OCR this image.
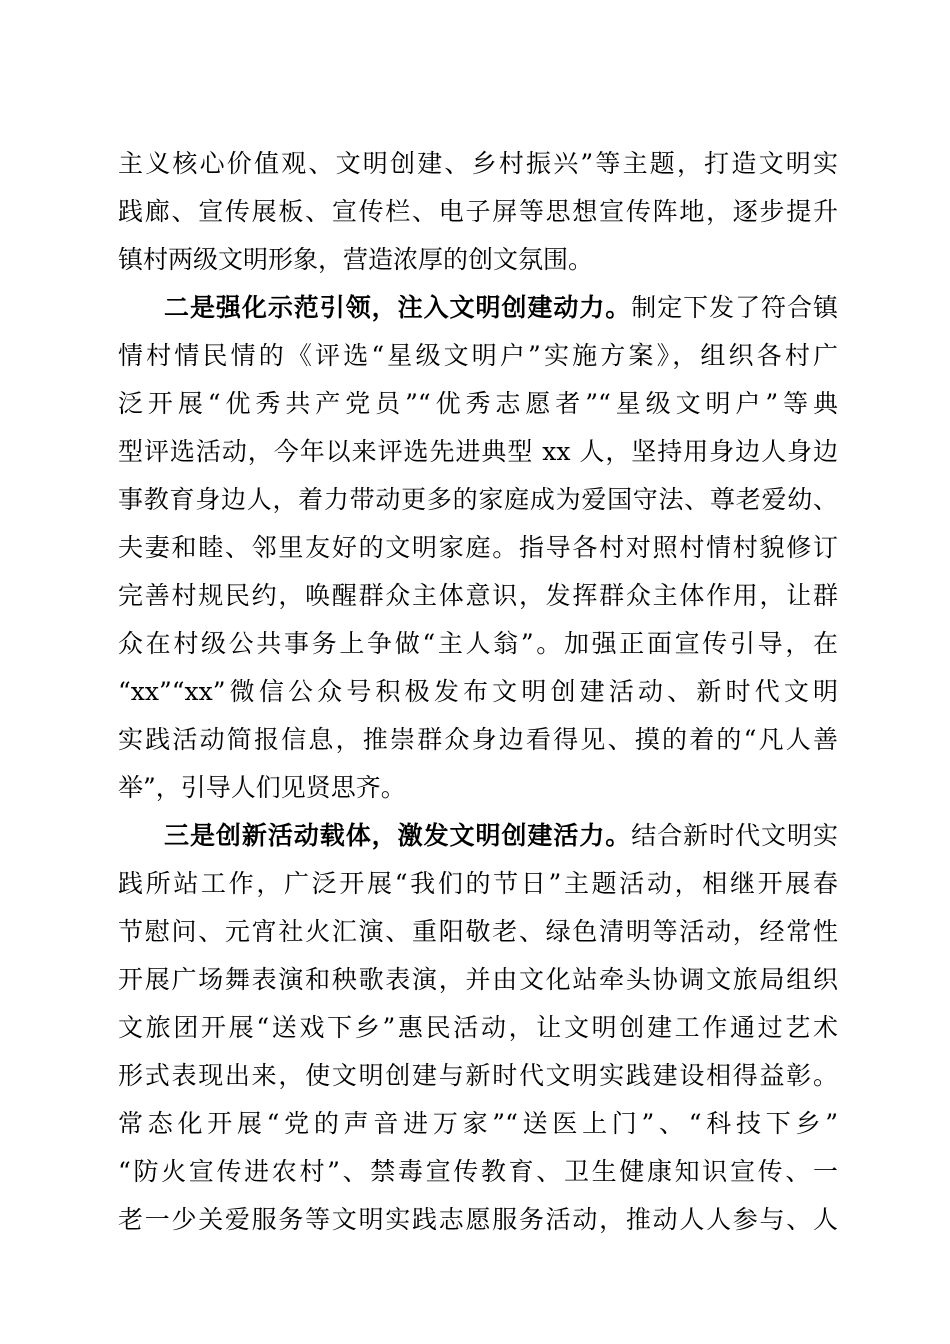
主义核心价值观、文明创建、乡村振兴”等主题，打造文明实
践廊、宣传展板、宣传栏、电子屏等思想宣传阵地，逐步提升
镇村两级文明形象，营造浓厚的创文氛围。
二是强化示范引领，注入文明创建动力。制定下发了符合镇
情村情民情的《评选“星级文明户”实施方案》，组织各村广
泛开展“优秀共产党员”“优秀志愿者”“星级文明户”等典
型评选活动，今年以来评选先进典型 xx 人，坚持用身边人身边
事教育身边人，着力带动更多的家庭成为爱国守法、尊老爱幼、
夫妻和睦、邻里友好的文明家庭。指导各村对照村情村貌修订
完善村规民约，唤醒群众主体意识，发挥群众主体作用，让群
众在村级公共事务上争做“主人翁”。加强正面宣传引导，在
“xx”“xx”微信公众号积极发布文明创建活动、新时代文明
实践活动简报信息，推崇群众身边看得见、摸的着的“凡人善
举”，引导人们见贤思齐。
三是创新活动载体，激发文明创建活力。结合新时代文明实
践所站工作，广泛开展“我们的节日”主题活动，相继开展春
节慰问、元宵社火汇演、重阳敬老、绿色清明等活动，经常性
开展广场舞表演和秧歌表演，并由文化站牵头协调文旅局组织
文旅团开展“送戏下乡”惠民活动，让文明创建工作通过艺术
形式表现出来，使文明创建与新时代文明实践建设相得益彰。
常态化开展“党的声音进万家”“送医上门”、“科技下乡”
“防火宣传进农村”、禁毒宣传教育、卫生健康知识宣传、一
老一少关爱服务等文明实践志愿服务活动，推动人人参与、人
